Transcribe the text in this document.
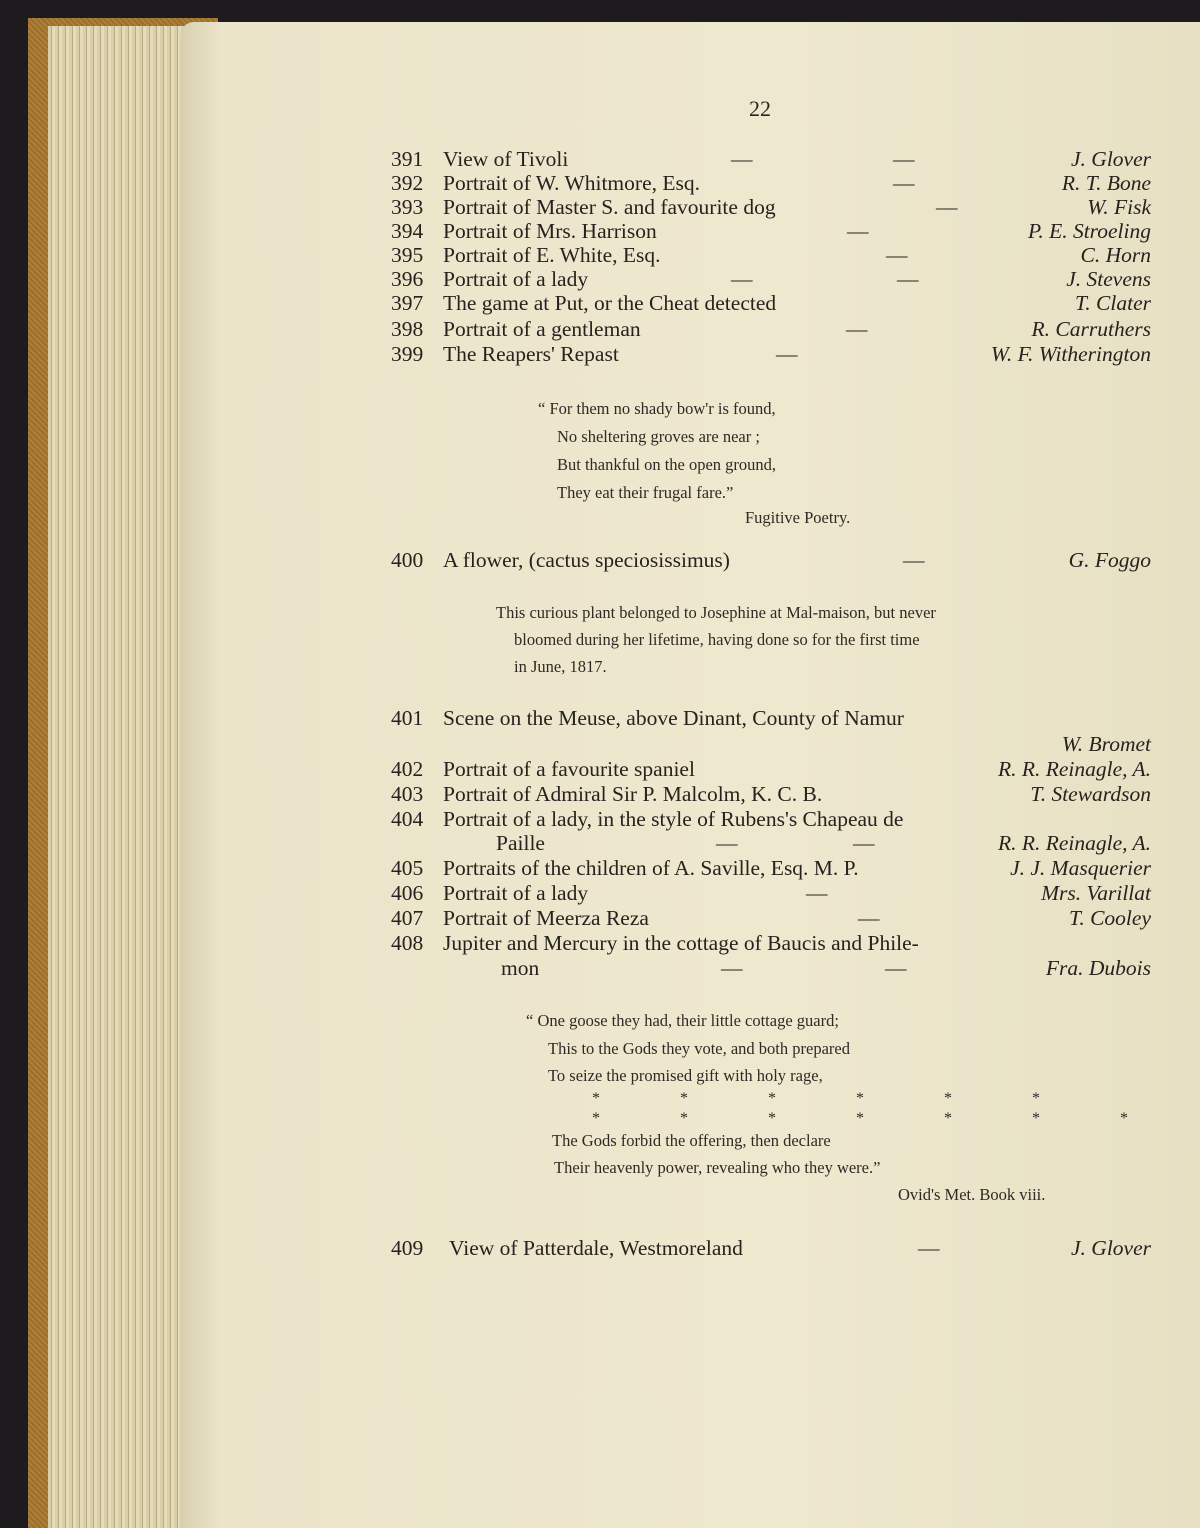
22
391 View of Tivoli	—	—	J. Glover
392 Portrait of W. Whitmore, Esq.	—	R. T. Bone
393 Portrait of Master S. and favourite dog	—	W. Fisk
394 Portrait of Mrs. Harrison	—	P. E. Stroeling
395 Portrait of E. White, Esq.	—	C. Horn
396 Portrait of a lady	—	—	J. Stevens
397 The game at Put, or the Cheat detected	T. Clater
398 Portrait of a gentleman	—	R. Carruthers
399 The Reapers' Repast	—	W. F. Witherington
“ For them no shady bow'r is found,
No sheltering groves are near ;
But thankful on the open ground,
They eat their frugal fare.”
Fugitive Poetry.
400 A flower, (cactus speciosissimus)	—	G. Foggo
This curious plant belonged to Josephine at Mal-maison, but never
bloomed during her lifetime, having done so for the first time
in June, 1817.
401 Scene on the Meuse, above Dinant, County of Namur
W. Bromet
402 Portrait of a favourite spaniel	R. R. Reinagle, A.
403 Portrait of Admiral Sir P. Malcolm, K. C. B.	T. Stewardson
404 Portrait of a lady, in the style of Rubens's Chapeau de
Paille	—	—	R. R. Reinagle, A.
405 Portraits of the children of A. Saville, Esq. M. P.	J. J. Masquerier
406 Portrait of a lady	—	Mrs. Varillat
407 Portrait of Meerza Reza	—	T. Cooley
408 Jupiter and Mercury in the cottage of Baucis and Phile-
mon	—	—	Fra. Dubois
“ One goose they had, their little cottage guard;
This to the Gods they vote, and both prepared
To seize the promised gift with holy rage,
* * * * * *
* * * * * * *
The Gods forbid the offering, then declare
Their heavenly power, revealing who they were.”
Ovid's Met. Book viii.
409 View of Patterdale, Westmoreland	—	J. Glover
